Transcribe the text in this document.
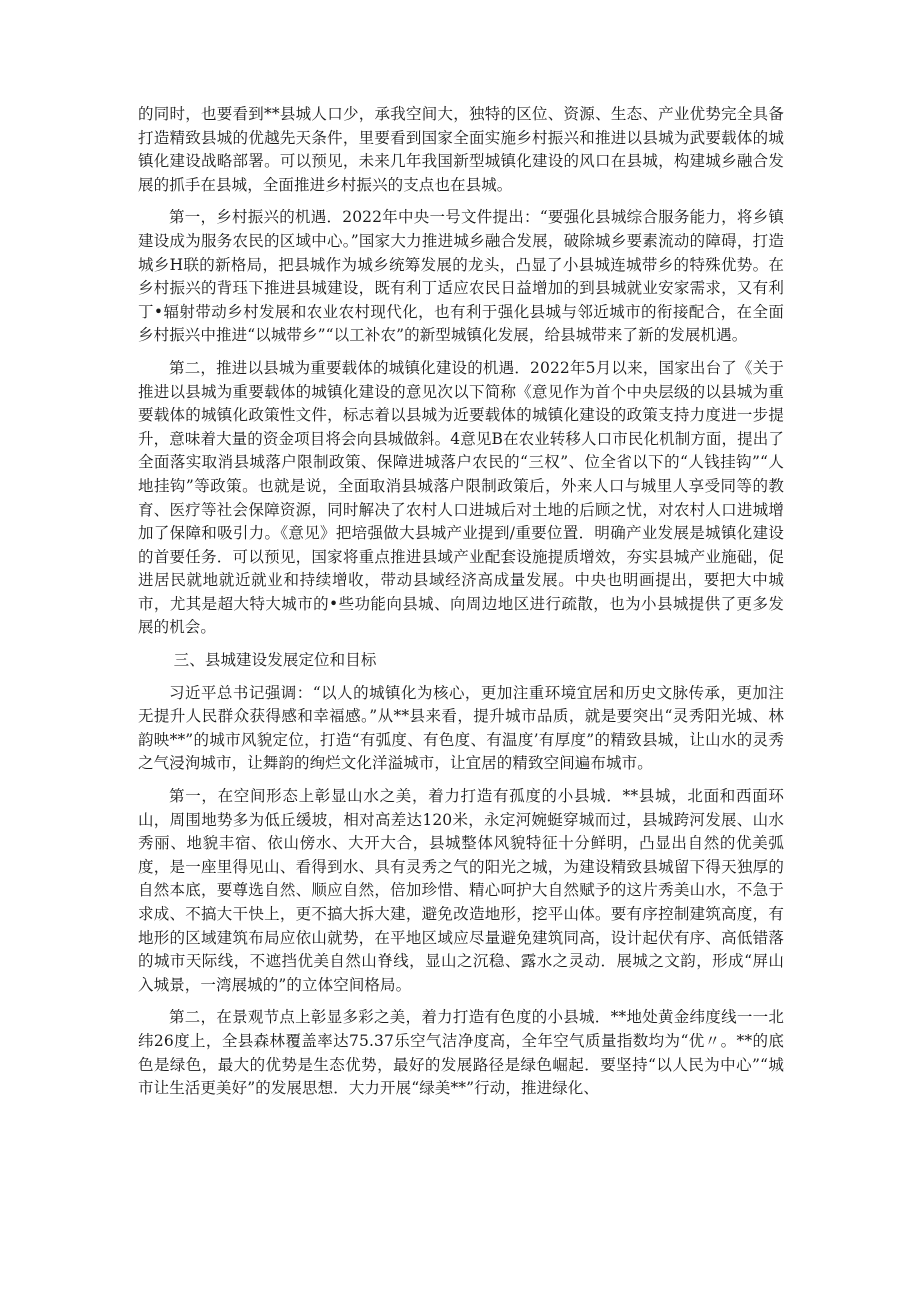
的同时，也要看到**县城人口少，承我空间大，独特的区位、资源、生态、产业优势完全具备打造精致县城的优越先天条件，里要看到国家全面实施乡村振兴和推进以县城为武要载体的城镇化建设战略部署。可以预见，未来几年我国新型城镇化建设的风口在县城，构建城乡融合发展的抓手在县城，全面推进乡村振兴的支点也在县城。

第一，乡村振兴的机遇．2022年中央一号文件提出：“要强化县城综合服务能力，将乡镇建设成为服务农民的区域中心。”国家大力推进城乡融合发展，破除城乡要素流动的障碍，打造城乡H联的新格局，把县城作为城乡统筹发展的龙头，凸显了小县城连城带乡的特殊优势。在乡村振兴的背珏下推进县城建设，既有利丁适应农民日益增加的到县城就业安家需求，又有利丁•辐射带动乡村发展和农业农村现代化，也有利于强化县城与邻近城市的衔接配合，在全面乡村振兴中推进“以城带乡”“以工补农”的新型城镇化发展，给县城带来了新的发展机遇。

第二，推进以县城为重要载体的城镇化建设的机遇．2022年5月以来，国家出台了《关于推进以县城为重要载体的城镇化建设的意见次以下简称《意见作为首个中央层级的以县城为重要载体的城镇化政策性文件，标志着以县城为近要载体的城镇化建设的政策支持力度进一步提升，意味着大量的资金项目将会向县城做斜。4意见B在农业转移人口市民化机制方面，提出了全面落实取消县城落户限制政策、保障进城落户农民的“三权”、位全省以下的“人钱挂钩”“人地挂钩”等政策。也就是说，全面取消县城落户限制政策后，外来人口与城里人享受同等的教育、医疗等社会保障资源，同时解决了农村人口进城后对土地的后顾之忧，对农村人口进城增加了保障和吸引力。《意见》把培强做大县城产业提到/重要位置．明确产业发展是城镇化建设的首要任务．可以预见，国家将重点推进县域产业配套设施提质增效，夯实县城产业施础，促进居民就地就近就业和持续增收，带动县域经济高成量发展。中央也明画提出，要把大中城市，尤其是超大特大城市的•些功能向县城、向周边地区进行疏散，也为小县城提供了更多发展的机会。

三、县城建设发展定位和目标

习近平总书记强调：“以人的城镇化为核心，更加注重环境宜居和历史文脉传承，更加注无提升人民群众获得感和幸福感。”从**县来看，提升城市品质，就是要突出“灵秀阳光城、林韵映**”的城市风貌定位，打造“有弧度、有色度、有温度’有厚度”的精致县城，让山水的灵秀之气浸洵城市，让舞韵的绚烂文化洋溢城市，让宜居的精致空间遍布城市。

第一，在空间形态上彰显山水之美，着力打造有孤度的小县城．**县城，北面和西面环山，周围地势多为低丘缓坡，相对高差达120米，永定河婉蜓穿城而过，县城跨河发展、山水秀丽、地貌丰宿、依山傍水、大开大合，县城整体风貌特征十分鲜明，凸显出自然的优美弧度，是一座里得见山、看得到水、具有灵秀之气的阳光之城，为建设精致县城留下得天独厚的自然本底，要尊选自然、顺应自然，倍加珍惜、精心呵护大自然赋予的这片秀美山水，不急于求成、不搞大干快上，更不搞大拆大建，避免改造地形，挖平山体。要有序控制建筑高度，有地形的区域建筑布局应依山就势，在平地区域应尽量避免建筑同高，设计起伏有序、高低错落的城市天际线，不遮挡优美自然山脊线，显山之沉稳、露水之灵动．展城之文韵，形成“屏山入城景，一湾展城的”的立体空间格局。

第二，在景观节点上彰显多彩之美，着力打造有色度的小县城．**地处黄金纬度线一一北纬26度上，全县森林覆盖率达75.37乐空气洁净度高，全年空气质量指数均为“优〃。**的底色是绿色，最大的优势是生态优势，最好的发展路径是绿色崛起．要坚持“以人民为中心”“城市让生活更美好”的发展思想．大力开展“绿美**”行动，推进绿化、
